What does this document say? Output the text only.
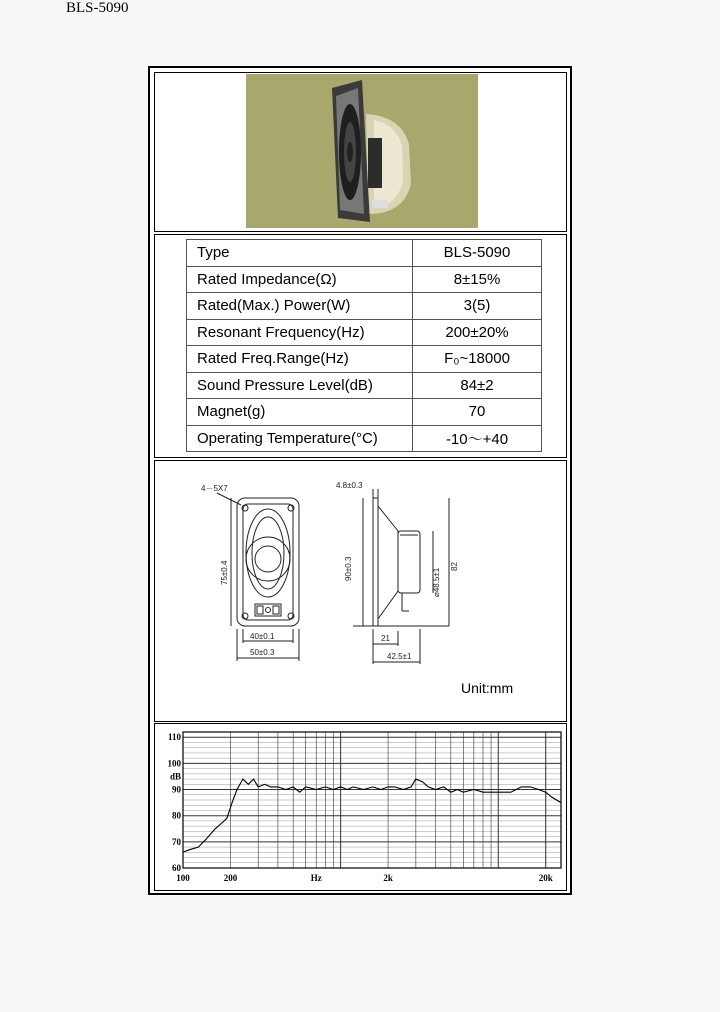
BLS-5090
Type	BLS-5090
Rated Impedance(Ω)	8±15%
Rated(Max.) Power(W)	3(5)
Resonant Frequency(Hz)	200±20%
Rated Freq.Range(Hz)	F₀~18000
Sound Pressure Level(dB)	84±2
Magnet(g)	70
Operating Temperature(°C)	-10～+40
4－5X7
75±0.4
40±0.1
50±0.3
4.8±0.3
90±0.3	⌀48.5±1
82
21
42.5±1
Unit:mm
110
100
90
80
70
60
dB
100	200	Hz	2k	20k
